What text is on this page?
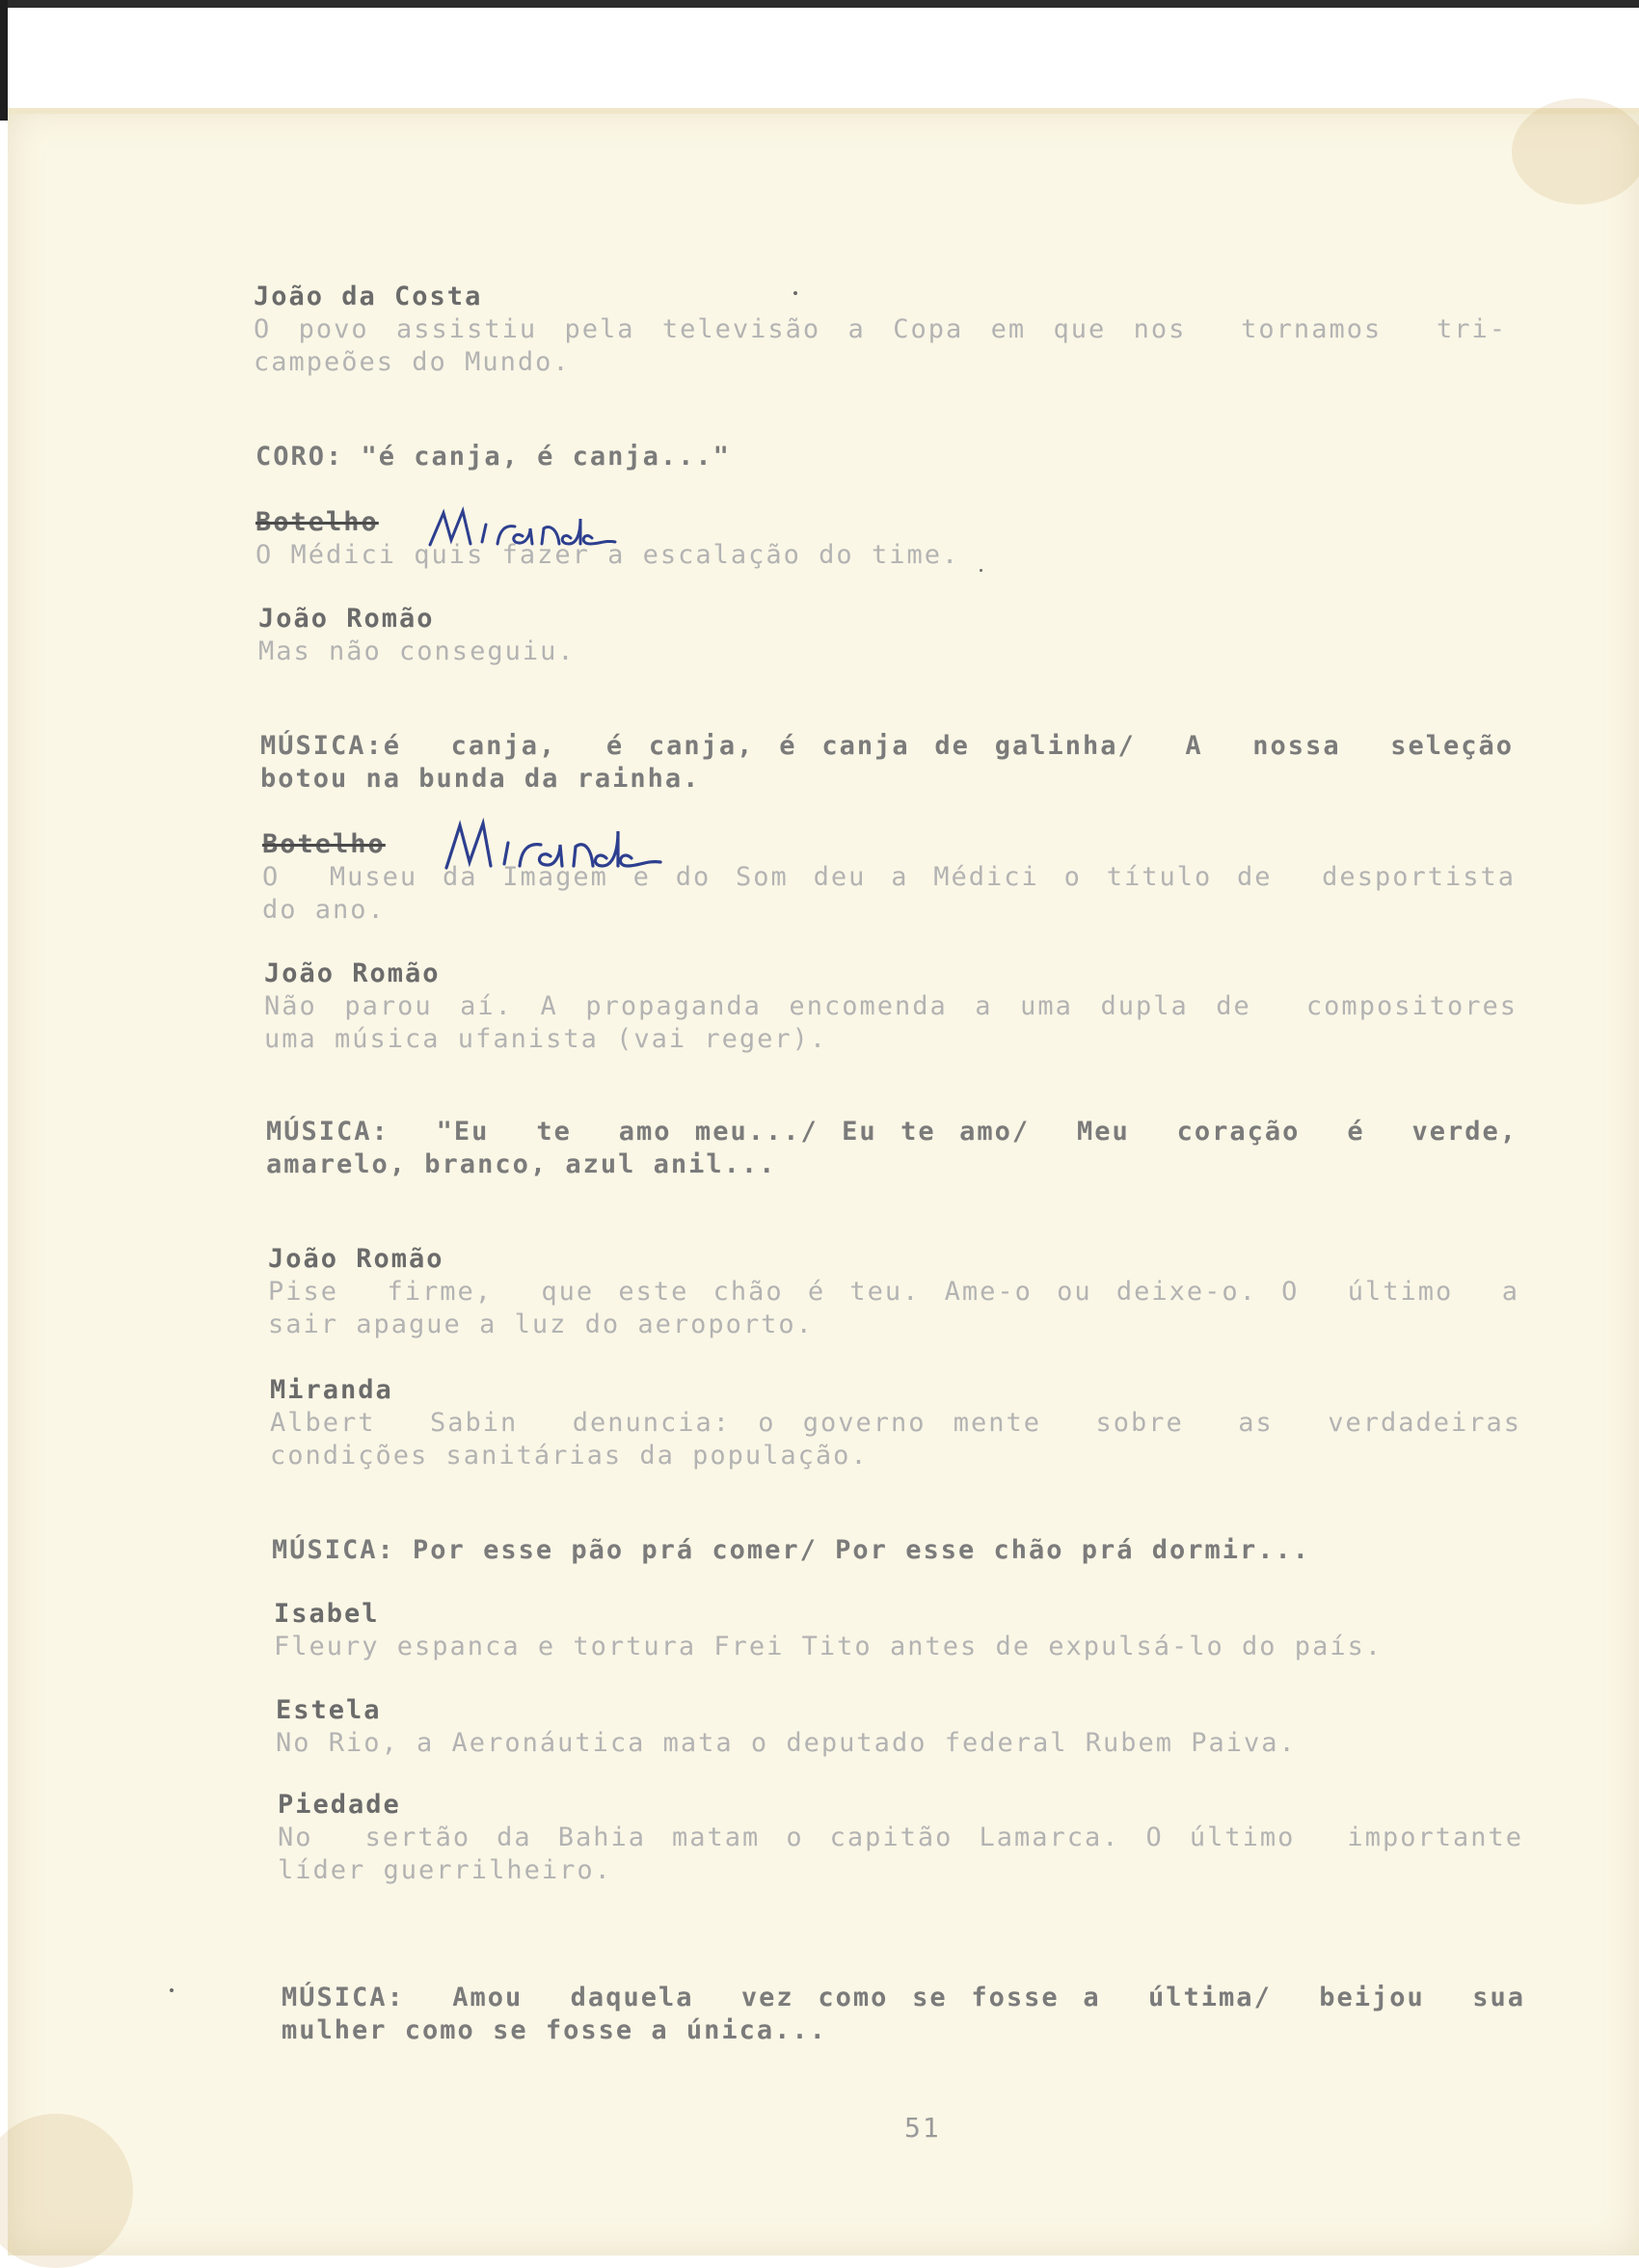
João da Costa
O povo assistiu pela televisão a Copa em que nos  tornamos  tri-
campeões do Mundo.
CORO: "é canja, é canja..."
Botelho
O Médici quis fazer a escalação do time.
João Romão
Mas não conseguiu.
MÚSICA:é  canja,  é canja, é canja de galinha/  A  nossa  seleção
botou na bunda da rainha.
Botelho
O  Museu da Imagem e do Som deu a Médici o título de  desportista
do ano.
João Romão
Não parou aí. A propaganda encomenda a uma dupla de  compositores
uma música ufanista (vai reger).
MÚSICA:  "Eu  te  amo meu.../ Eu te amo/  Meu  coração  é  verde,
amarelo, branco, azul anil...
João Romão
Pise  firme,  que este chão é teu. Ame-o ou deixe-o. O  último  a
sair apague a luz do aeroporto.
Miranda
Albert  Sabin  denuncia: o governo mente  sobre  as  verdadeiras
condições sanitárias da população.
MÚSICA: Por esse pão prá comer/ Por esse chão prá dormir...
Isabel
Fleury espanca e tortura Frei Tito antes de expulsá-lo do país.
Estela
No Rio, a Aeronáutica mata o deputado federal Rubem Paiva.
Piedade
No  sertão da Bahia matam o capitão Lamarca. O último  importante
líder guerrilheiro.
MÚSICA:  Amou  daquela  vez como se fosse a  última/  beijou  sua
mulher como se fosse a única...
51
